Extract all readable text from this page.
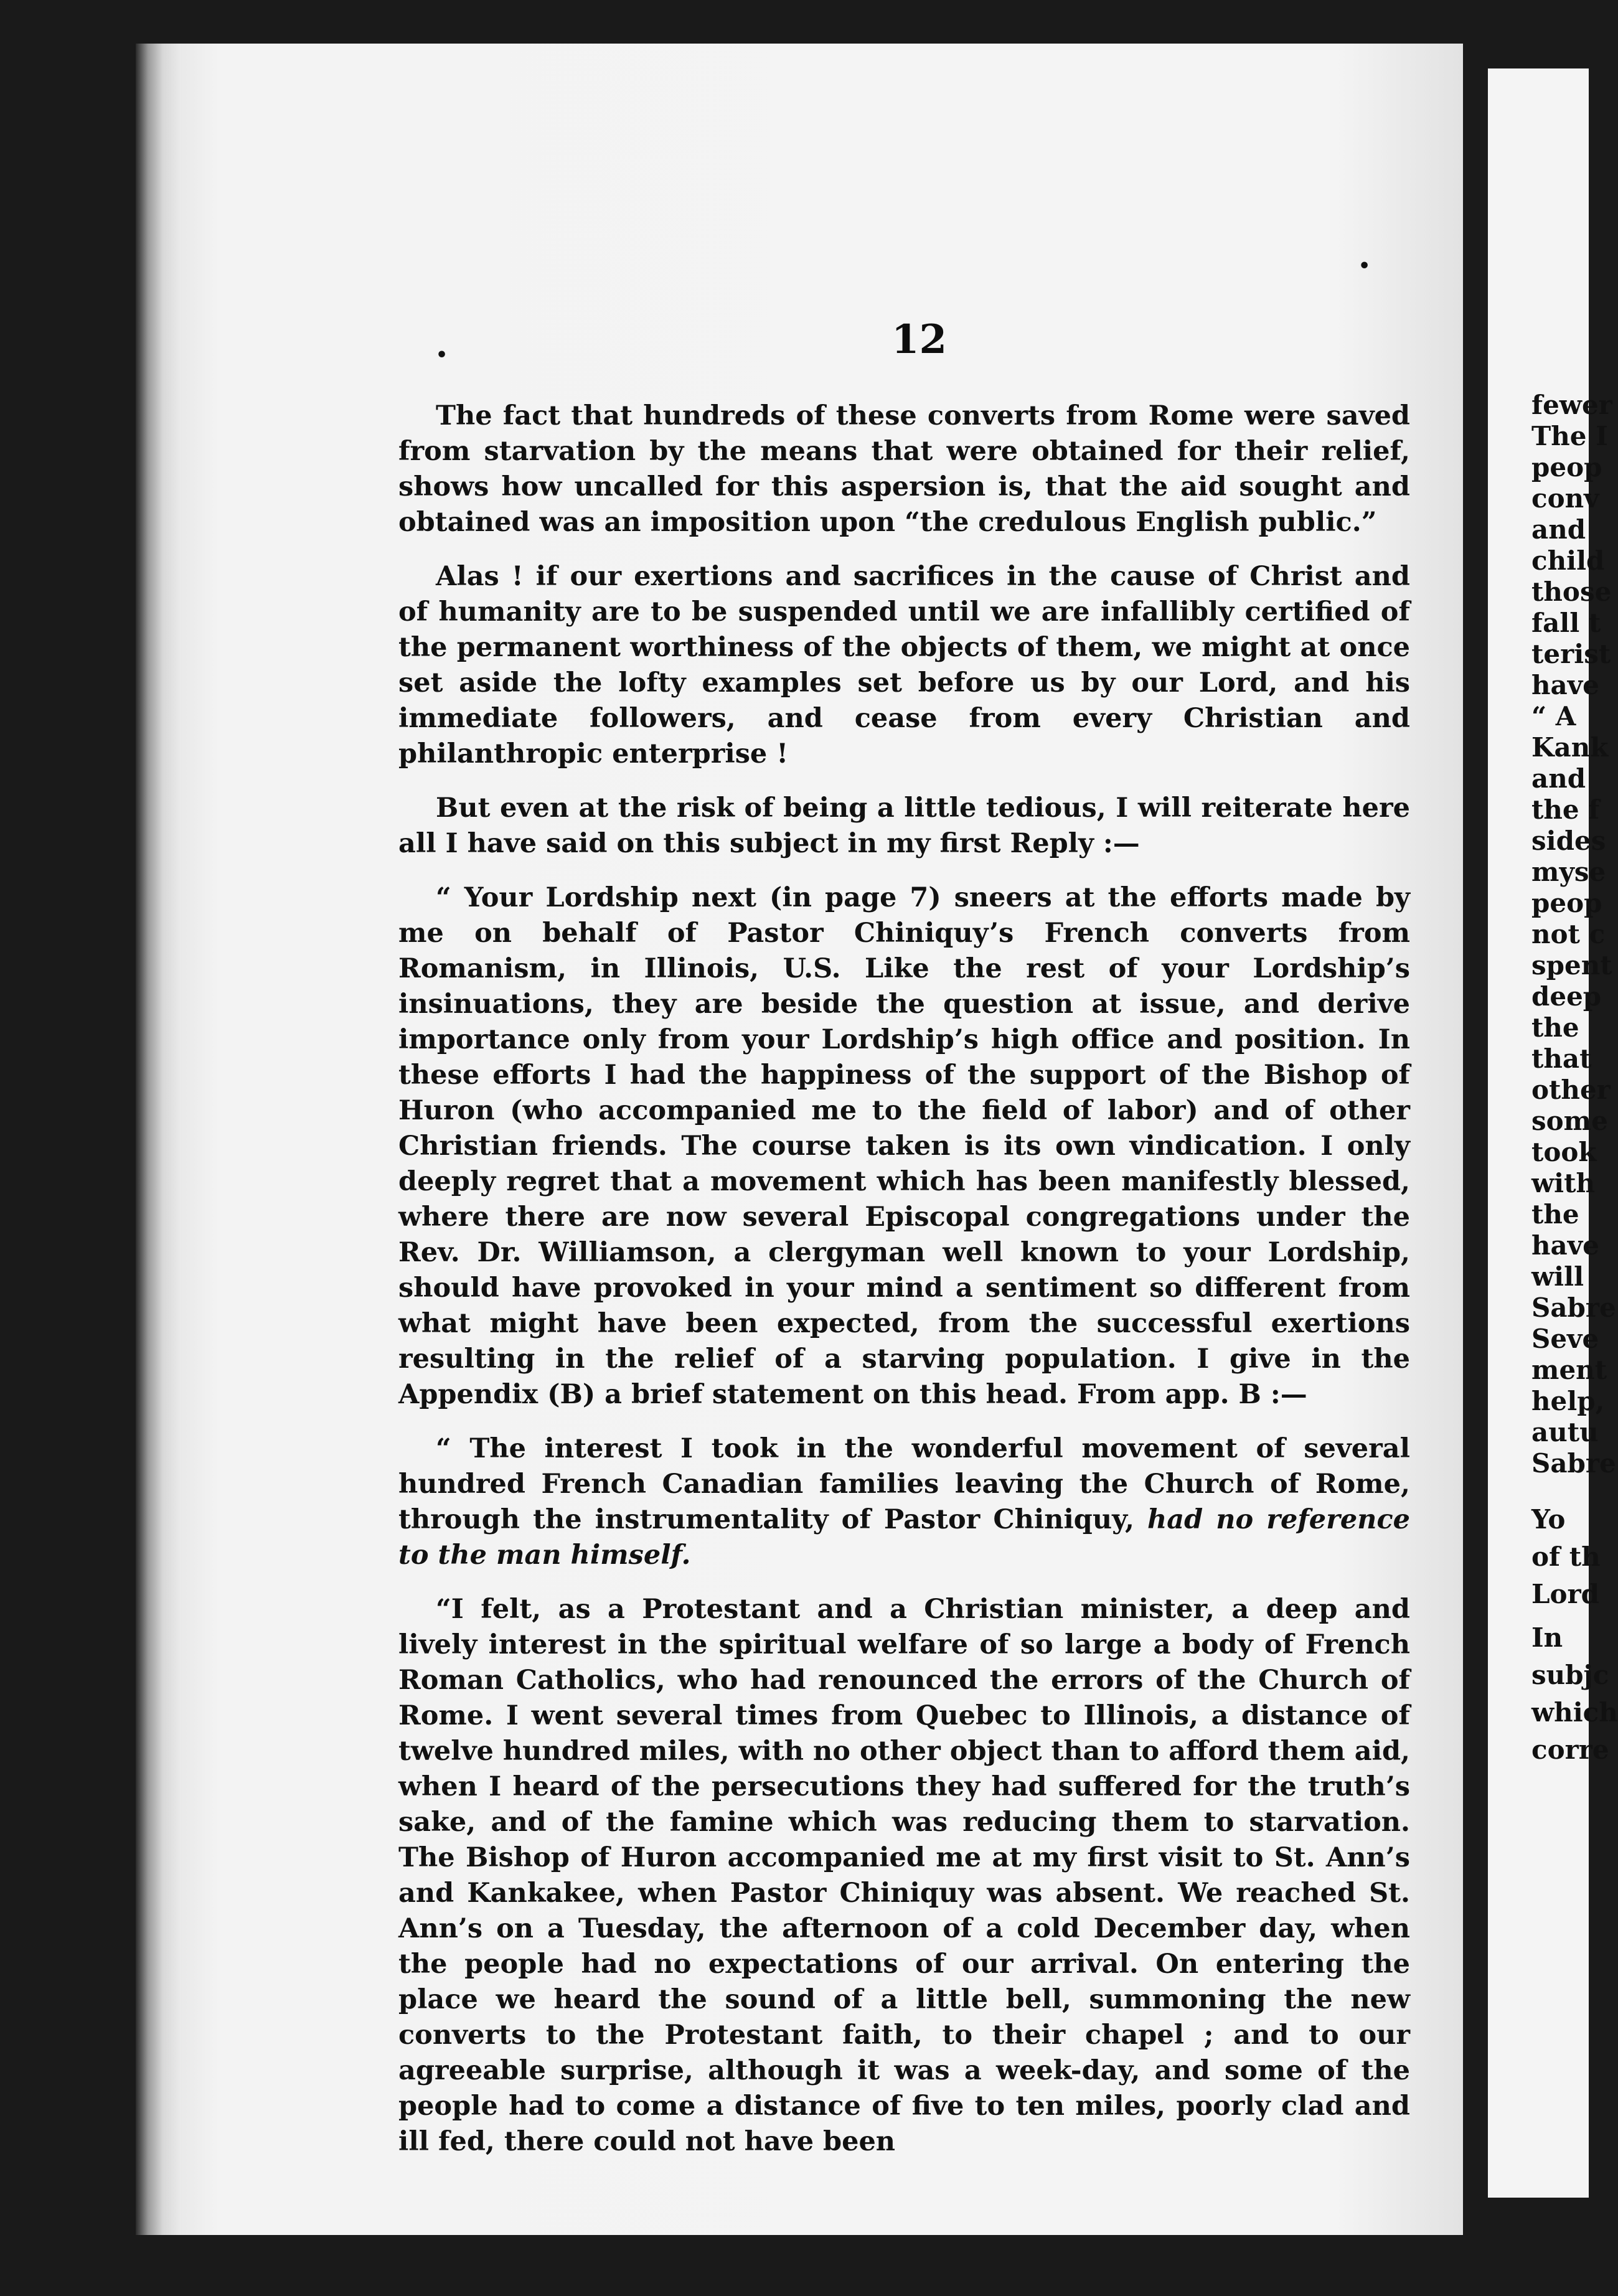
•
•	12

The fact that hundreds of these converts from Rome were saved from starvation by the means that were obtained for their relief, shows how uncalled for this aspersion is, that the aid sought and obtained was an imposition upon “the credulous English public.”

Alas ! if our exertions and sacrifices in the cause of Christ and of humanity are to be suspended until we are infallibly certified of the permanent worthiness of the objects of them, we might at once set aside the lofty examples set before us by our Lord, and his immediate followers, and cease from every Christian and philanthropic enterprise !

But even at the risk of being a little tedious, I will reiterate here all I have said on this subject in my first Reply :—

“ Your Lordship next (in page 7) sneers at the efforts made by me on behalf of Pastor Chiniquy’s French converts from Romanism, in Illinois, U.S. Like the rest of your Lordship’s insinuations, they are beside the question at issue, and derive importance only from your Lordship’s high office and position. In these efforts I had the happiness of the support of the Bishop of Huron (who accompanied me to the field of labor) and of other Christian friends. The course taken is its own vindication. I only deeply regret that a movement which has been manifestly blessed, where there are now several Episcopal congregations under the Rev. Dr. Williamson, a clergyman well known to your Lordship, should have provoked in your mind a sentiment so different from what might have been expected, from the successful exertions resulting in the relief of a starving population. I give in the Appendix (B) a brief statement on this head. From app. B :—

“ The interest I took in the wonderful movement of several hundred French Canadian families leaving the Church of Rome, through the instrumentality of Pastor Chiniquy, had no reference to the man himself.

“I felt, as a Protestant and a Christian minister, a deep and lively interest in the spiritual welfare of so large a body of French Roman Catholics, who had renounced the errors of the Church of Rome. I went several times from Quebec to Illinois, a distance of twelve hundred miles, with no other object than to afford them aid, when I heard of the persecutions they had suffered for the truth’s sake, and of the famine which was reducing them to starvation. The Bishop of Huron accompanied me at my first visit to St. Ann’s and Kankakee, when Pastor Chiniquy was absent. We reached St. Ann’s on a Tuesday, the afternoon of a cold December day, when the people had no expectations of our arrival. On entering the place we heard the sound of a little bell, summoning the new converts to the Protestant faith, to their chapel ; and to our agreeable surprise, although it was a week-day, and some of the people had to come a distance of five to ten miles, poorly clad and ill fed, there could not have been

fewer
The I
peop
conv
and
child
those
fall t
terist
have
“ A
Kank
and
the f
sides
myse
peop
not c
spent
deep
the
that
other
some
took
with
the
have
will
Sabre
Seve
ment
help,
autu
Sabre
Yo
of th
Lord
In
subjc
which
corre
